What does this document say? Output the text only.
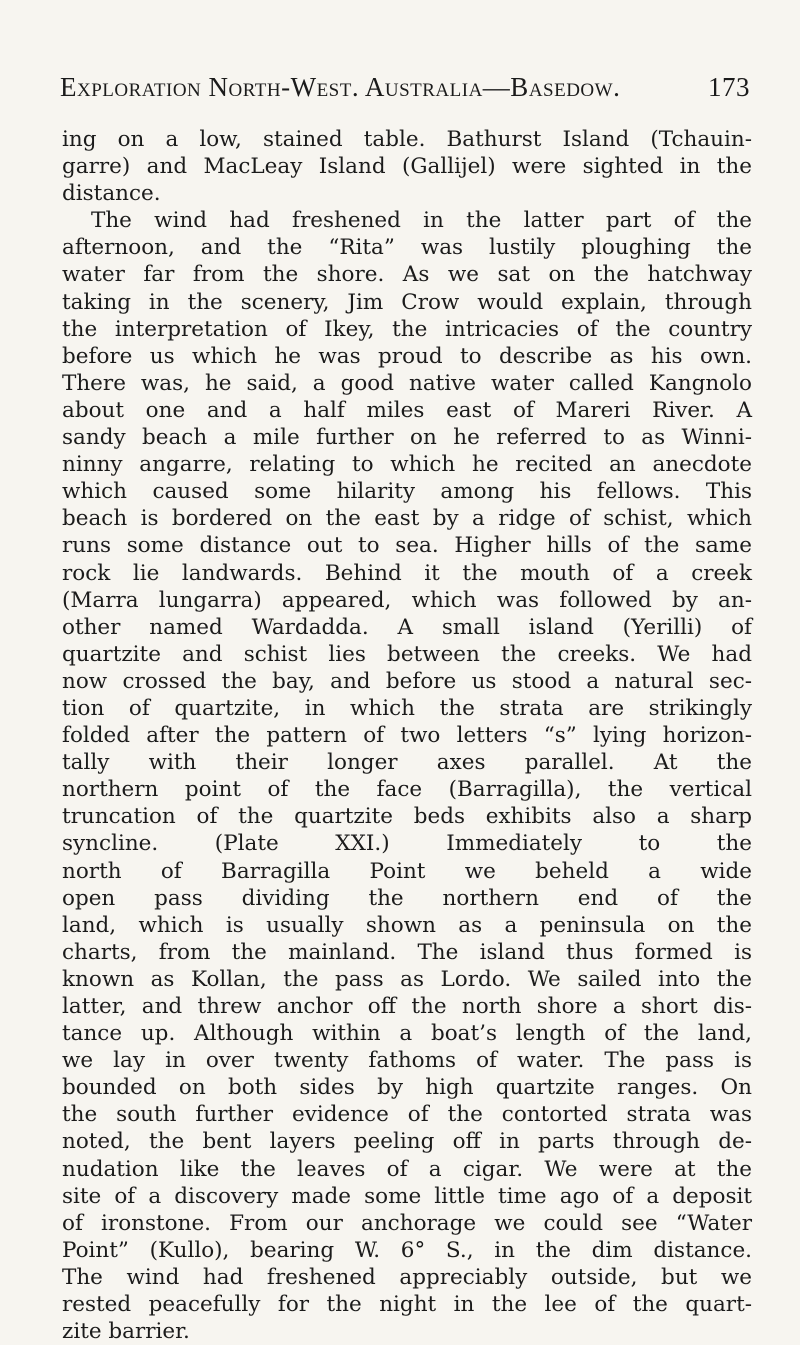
Exploration North-West. Australia—Basedow.	173
ing on a low, stained table. Bathurst Island (Tchauin-
garre) and MacLeay Island (Gallijel) were sighted in the
distance.
The wind had freshened in the latter part of the
afternoon, and the “Rita” was lustily ploughing the
water far from the shore. As we sat on the hatchway
taking in the scenery, Jim Crow would explain, through
the interpretation of Ikey, the intricacies of the country
before us which he was proud to describe as his own.
There was, he said, a good native water called Kangnolo
about one and a half miles east of Mareri River. A
sandy beach a mile further on he referred to as Winni-
ninny angarre, relating to which he recited an anecdote
which caused some hilarity among his fellows. This
beach is bordered on the east by a ridge of schist, which
runs some distance out to sea. Higher hills of the same
rock lie landwards. Behind it the mouth of a creek
(Marra lungarra) appeared, which was followed by an-
other named Wardadda. A small island (Yerilli) of
quartzite and schist lies between the creeks. We had
now crossed the bay, and before us stood a natural sec-
tion of quartzite, in which the strata are strikingly
folded after the pattern of two letters “s” lying horizon-
tally with their longer axes parallel. At the
northern point of the face (Barragilla), the vertical
truncation of the quartzite beds exhibits also a sharp
syncline. (Plate XXI.) Immediately to the
north of Barragilla Point we beheld a wide
open pass dividing the northern end of the
land, which is usually shown as a peninsula on the
charts, from the mainland. The island thus formed is
known as Kollan, the pass as Lordo. We sailed into the
latter, and threw anchor off the north shore a short dis-
tance up. Although within a boat’s length of the land,
we lay in over twenty fathoms of water. The pass is
bounded on both sides by high quartzite ranges. On
the south further evidence of the contorted strata was
noted, the bent layers peeling off in parts through de-
nudation like the leaves of a cigar. We were at the
site of a discovery made some little time ago of a deposit
of ironstone. From our anchorage we could see “Water
Point” (Kullo), bearing W. 6° S., in the dim distance.
The wind had freshened appreciably outside, but we
rested peacefully for the night in the lee of the quart-
zite barrier.
